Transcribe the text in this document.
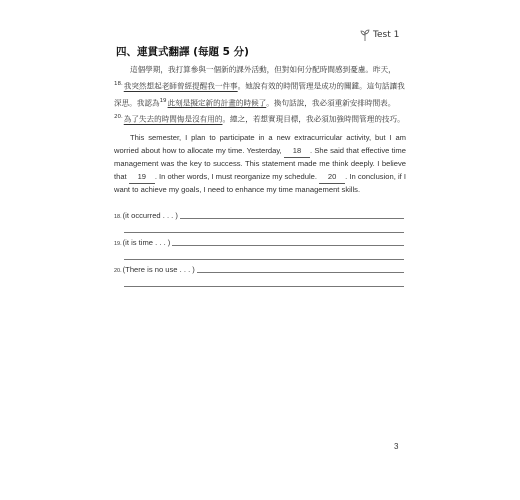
Test 1
四、連貫式翻譯 (每題 5 分)
這個學期，我打算參與一個新的課外活動，但對如何分配時間感到憂慮。昨天，
$^{18.}$我突然想起老師曾經提醒我一件事。她說有效的時間管理是成功的關鍵。這句話讓我深思。我認為$^{19}$此刻是擬定新的計畫的時候了。換句話說，我必須重新安排時間表。
$^{20.}$為了失去的時間悔是沒有用的。總之，若想實現目標，我必須加強時間管理的技巧。
This semester, I plan to participate in a new extracurricular activity, but I am worried about how to allocate my time. Yesterday, 18 . She said that effective time management was the key to success. This statement made me think deeply. I believe that 19 . In other words, I must reorganize my schedule. 20 . In conclusion, if I want to achieve my goals, I need to enhance my time management skills.
18. (it occurred . . . )
19. (it is time . . . )
20. (There is no use . . . )
3
